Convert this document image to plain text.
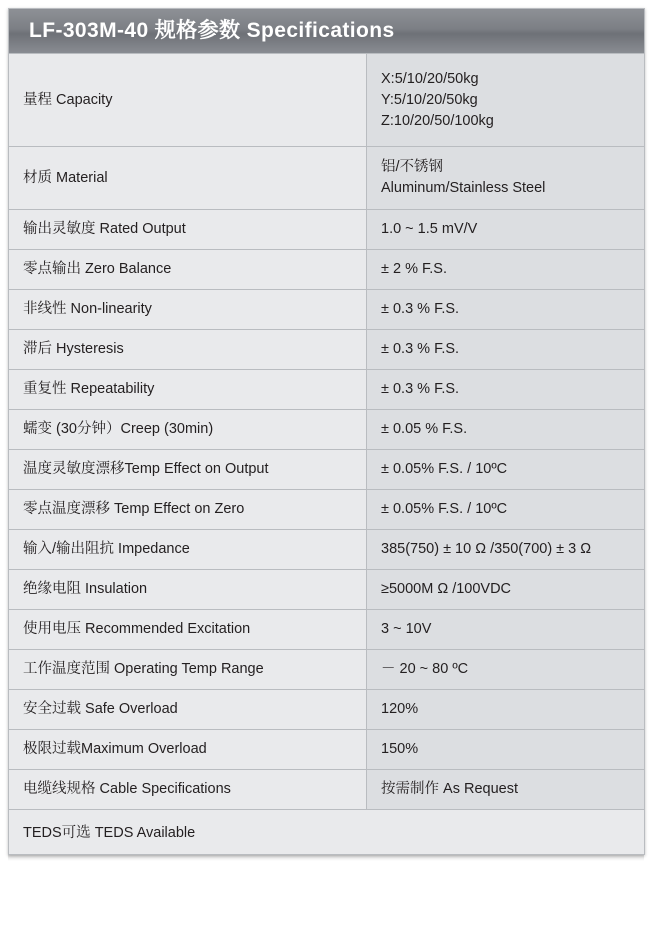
LF-303M-40 规格参数 Specifications	

量程 Capacity	X:5/10/20/50kg
Y:5/10/20/50kg
Z:10/20/50/100kg

材质 Material	铝/不锈钢
Aluminum/Stainless Steel

输出灵敏度 Rated Output	1.0 ~ 1.5 mV/V
零点输出 Zero Balance	± 2 % F.S.
非线性 Non-linearity	± 0.3 % F.S.
滞后 Hysteresis	± 0.3 % F.S.
重复性 Repeatability	± 0.3 % F.S.
蠕变 (30分钟）Creep (30min)	± 0.05 % F.S.
温度灵敏度漂移Temp Effect on Output	± 0.05% F.S. / 10ºC
零点温度漂移 Temp Effect on Zero	± 0.05% F.S. / 10ºC
输入/输出阻抗 Impedance	385(750) ± 10 Ω /350(700) ± 3 Ω
绝缘电阻 Insulation	≥5000M Ω /100VDC
使用电压 Recommended Excitation	3 ~ 10V
工作温度范围 Operating Temp Range	－ 20 ~ 80 ºC
安全过载 Safe Overload	120%
极限过载Maximum Overload	150%
电缆线规格 Cable Specifications	按需制作 As Request
TEDS可选 TEDS Available	
